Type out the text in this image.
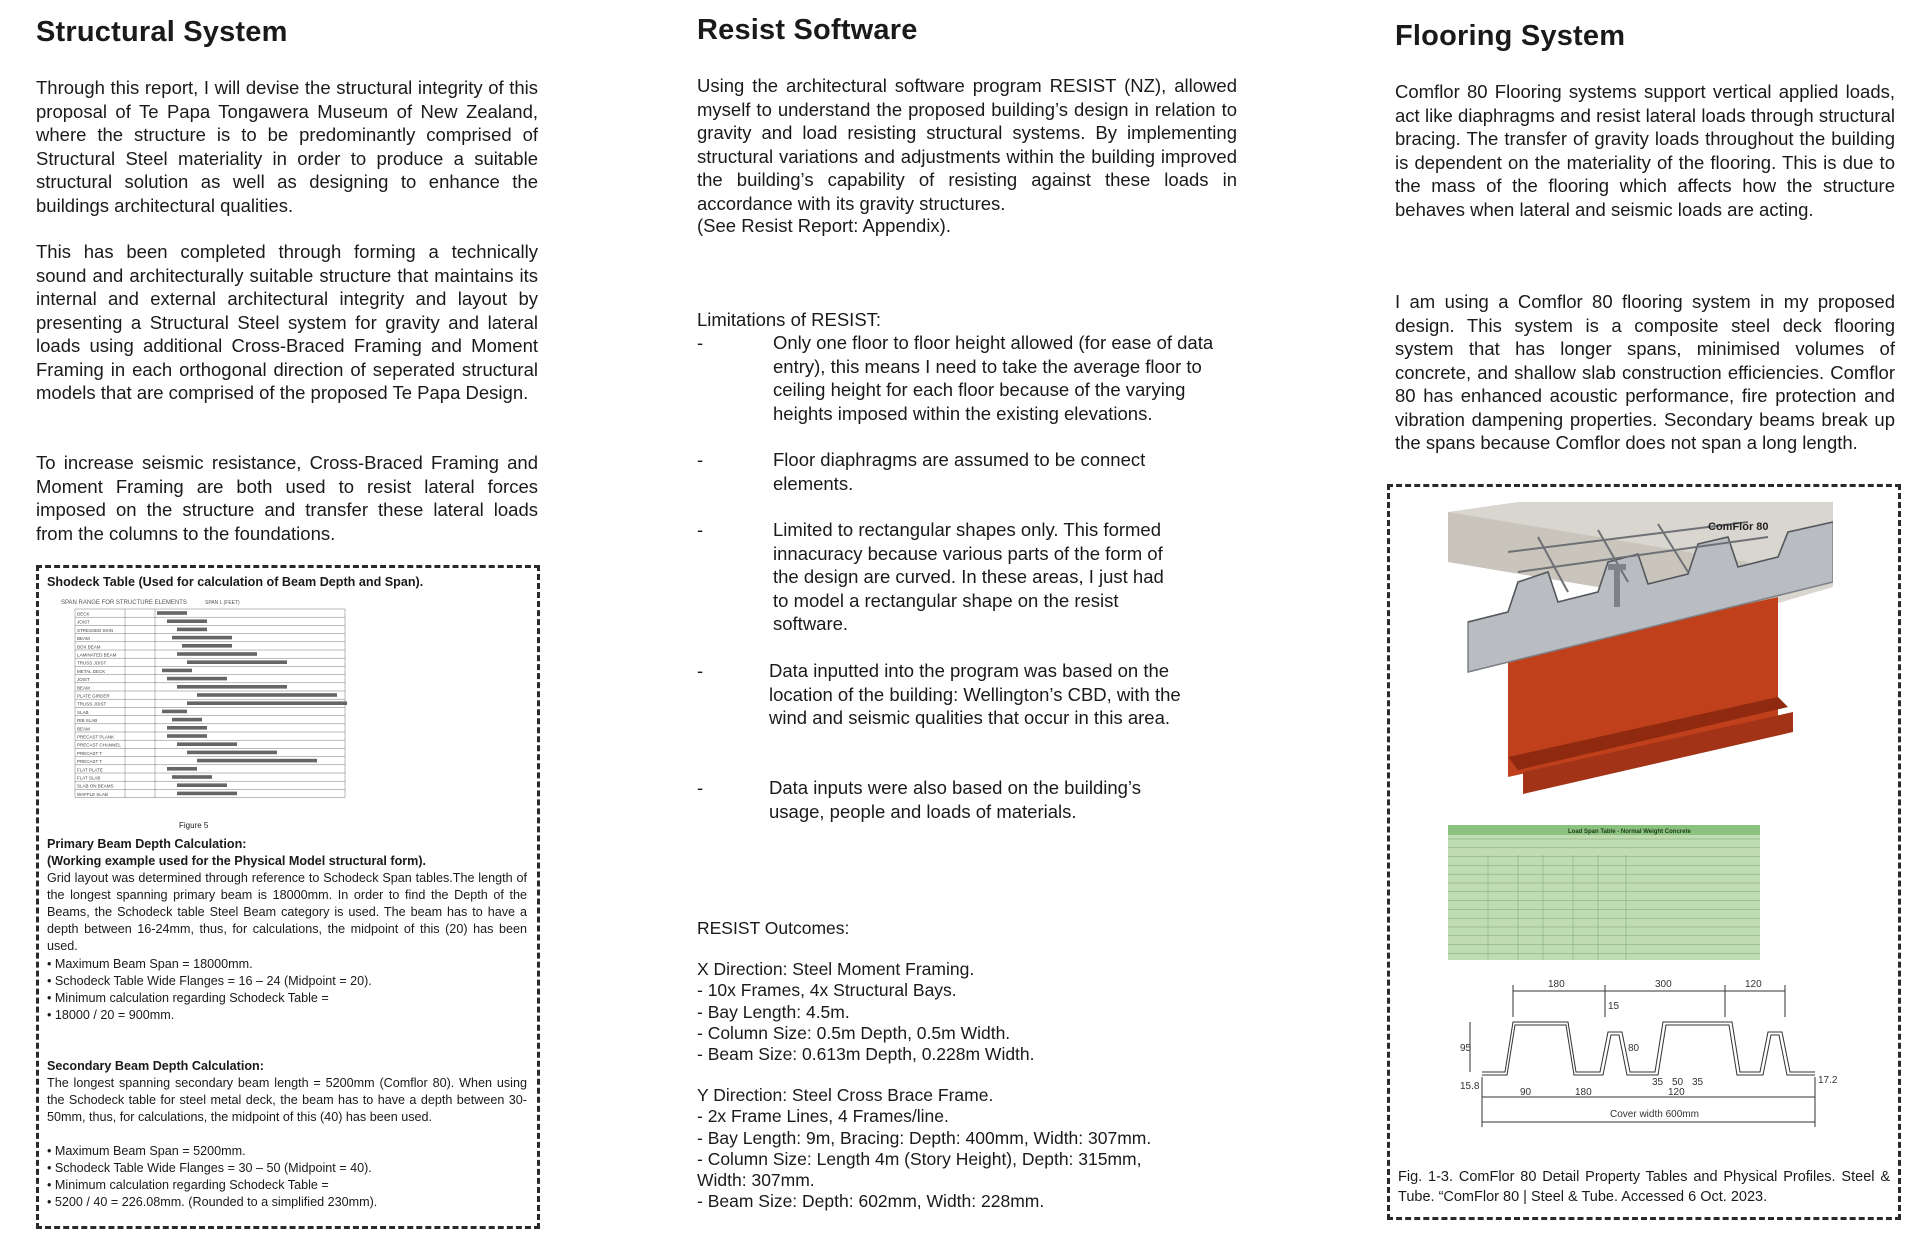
Structural System
Through this report, I will devise the structural integrity of this proposal of Te Papa Tongawera Museum of New Zealand, where the structure is to be predominantly comprised of Structural Steel materiality in order to produce a suitable structural solution as well as designing to enhance the buildings architectural qualities.
This has been completed through forming a technically sound and architecturally suitable structure that maintains its internal and external architectural integrity and layout by presenting a Structural Steel system for gravity and lateral loads using additional Cross-Braced Framing and Moment Framing in each orthogonal direction of seperated structural models that are comprised of the proposed Te Papa Design.
To increase seismic resistance, Cross-Braced Framing and Moment Framing are both used to resist lateral forces imposed on the structure and transfer these lateral loads from the columns to the foundations.
Shodeck Table (Used for calculation of Beam Depth and Span).
SPAN RANGE FOR STRUCTURE ELEMENTS	SPAN L (FEET)
DECK
JOIST
STRESSED SKIN
BEAM
BOX BEAM
LAMINATED BEAM
TRUSS JOIST
METAL DECK
JOIST
BEAM
PLATE GIRDER
TRUSS JOIST
SLAB
RIB SLAB
BEAM
PRECAST PLANK
PRECAST CHANNEL
PRECAST T
PRECAST T
FLAT PLATE
FLAT SLAB
SLAB ON BEAMS
WAFFLE SLAB
Figure 5
Primary Beam Depth Calculation:
(Working example used for the Physical Model structural form).
Grid layout was determined through reference to Schodeck Span tables.The length of the longest spanning primary beam is 18000mm. In order to find the Depth of the Beams, the Schodeck table Steel Beam category is used. The beam has to have a depth between 16-24mm, thus, for calculations, the midpoint of this (20) has been used.
• Maximum Beam Span = 18000mm.
• Schodeck Table Wide Flanges = 16 – 24 (Midpoint = 20).
• Minimum calculation regarding Schodeck Table =
• 18000 / 20 = 900mm.
Secondary Beam Depth Calculation:
The longest spanning secondary beam length = 5200mm (Comflor 80). When using the Schodeck table for steel metal deck, the beam has to have a depth between 30-50mm, thus, for calculations, the midpoint of this (40) has been used.
• Maximum Beam Span = 5200mm.
• Schodeck Table Wide Flanges = 30 – 50 (Midpoint = 40).
• Minimum calculation regarding Schodeck Table =
• 5200 / 40 = 226.08mm. (Rounded to a simplified 230mm).
Resist Software
Using the architectural software program RESIST (NZ), allowed myself to understand the proposed building’s design in relation to gravity and load resisting structural systems. By implementing structural variations and adjustments within the building improved the building’s capability of resisting against these loads in accordance with its gravity structures.
(See Resist Report: Appendix).
Limitations of RESIST:
-	Only one floor to floor height allowed (for ease of data entry), this means I need to take the average floor to ceiling height for each floor because of the varying heights imposed within the existing elevations.
-	Floor diaphragms are assumed to be connect elements.
-	Limited to rectangular shapes only. This formed innacuracy because various parts of the form of the design are curved. In these areas, I just had to model a rectangular shape on the resist software.
-	Data inputted into the program was based on the location of the building: Wellington’s CBD, with the wind and seismic qualities that occur in this area.
-	Data inputs were also based on the building’s usage, people and loads of materials.
RESIST Outcomes:
X Direction: Steel Moment Framing.
- 10x Frames, 4x Structural Bays.
- Bay Length: 4.5m.
- Column Size: 0.5m Depth, 0.5m Width.
- Beam Size: 0.613m Depth, 0.228m Width.
Y Direction: Steel Cross Brace Frame.
- 2x Frame Lines, 4 Frames/line.
- Bay Length: 9m, Bracing: Depth: 400mm, Width: 307mm.
- Column Size: Length 4m (Story Height), Depth: 315mm, Width: 307mm.
- Beam Size: Depth: 602mm, Width: 228mm.
Flooring System
Comflor 80 Flooring systems support vertical applied loads, act like diaphragms and resist lateral loads through structural bracing. The transfer of gravity loads throughout the building is dependent on the materiality of the flooring. This is due to the mass of the flooring which affects how the structure behaves when lateral and seismic loads are acting.
I am using a Comflor 80 flooring system in my proposed design. This system is a composite steel deck flooring system that has longer spans, minimised volumes of concrete, and shallow slab construction efficiencies. Comflor 80 has enhanced acoustic performance, fire protection and vibration dampening properties. Secondary beams break up the spans because Comflor does not span a long length.
ComFlor 80
Load Span Table - Normal Weight Concrete
180	300	120
15
95	80
15.8
90	180
35 50 35
120
17.2
Cover width 600mm
Fig. 1-3. ComFlor 80 Detail Property Tables and Physical Profiles. Steel & Tube. “ComFlor 80 | Steel & Tube. Accessed 6 Oct. 2023.
